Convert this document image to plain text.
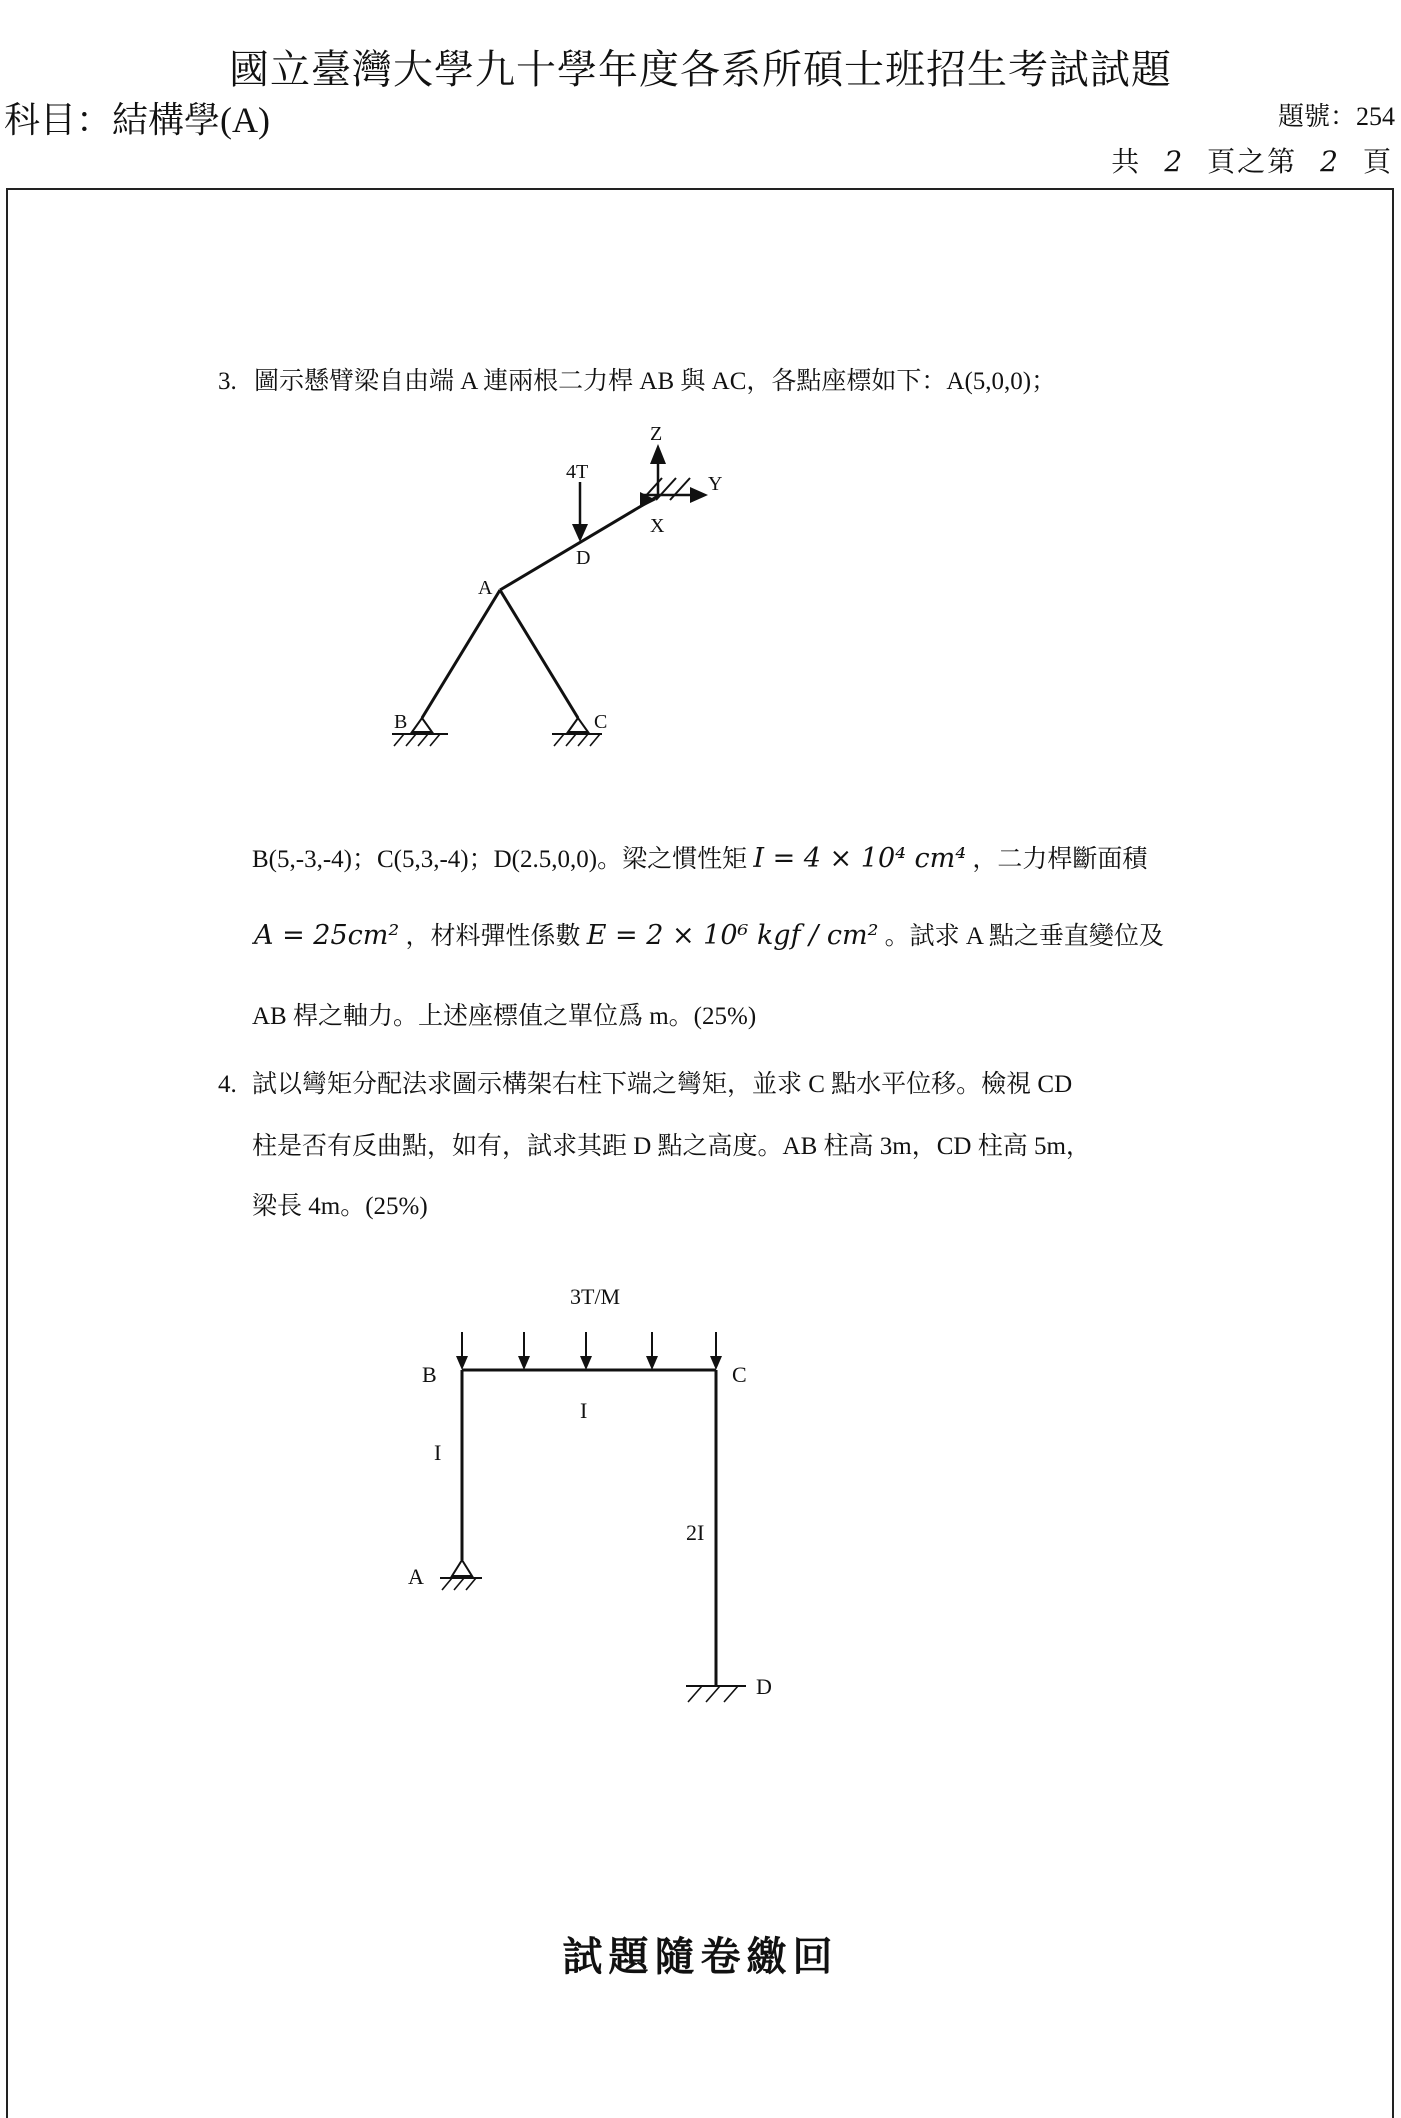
國立臺灣大學九十學年度各系所碩士班招生考試試題
科目：結構學(A)	題號：254
共 2 頁之第 2 頁
3. 圖示懸臂梁自由端 A 連兩根二力桿 AB 與 AC，各點座標如下：A(5,0,0)；
Z
Y
X
4T
D
A
B	C
B(5,-3,-4)；C(5,3,-4)；D(2.5,0,0)。梁之慣性矩 I = 4 × 10⁴ cm⁴ ，二力桿斷面積
A = 25cm² ，材料彈性係數 E = 2 × 10⁶ kgf / cm² 。試求 A 點之垂直變位及
AB 桿之軸力。上述座標值之單位爲 m。(25%)
4. 試以彎矩分配法求圖示構架右柱下端之彎矩，並求 C 點水平位移。檢視 CD
柱是否有反曲點，如有，試求其距 D 點之高度。AB 柱高 3m，CD 柱高 5m，
梁長 4m。(25%)
3T/M
B	C
I
I
2I
A
D
試題隨卷繳回
